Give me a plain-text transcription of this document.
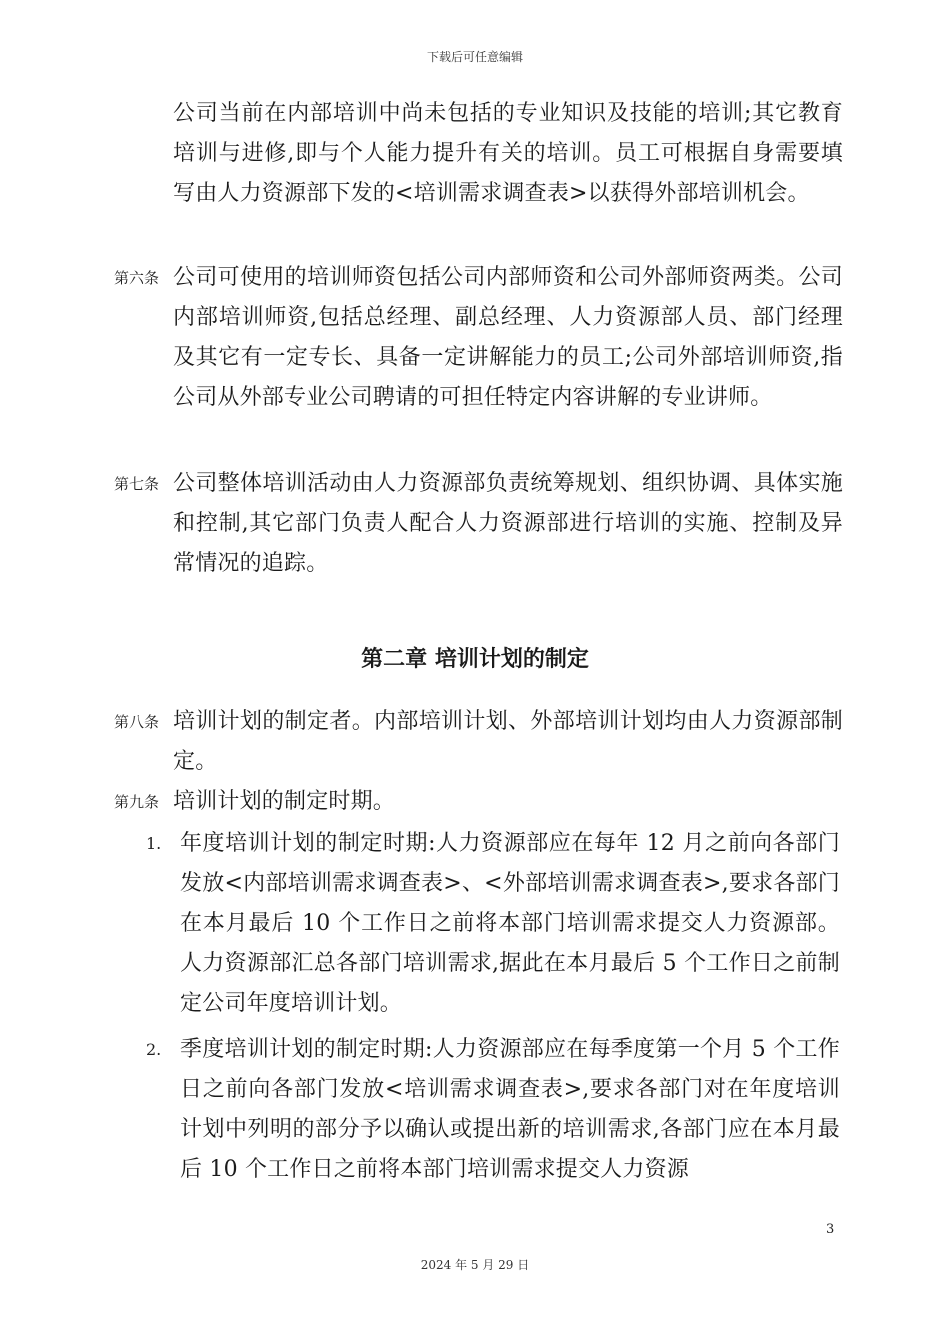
下载后可任意编辑
公司当前在内部培训中尚未包括的专业知识及技能的培训;其它教育培训与进修,即与个人能力提升有关的培训。员工可根据自身需要填写由人力资源部下发的<培训需求调查表>以获得外部培训机会。
第六条 公司可使用的培训师资包括公司内部师资和公司外部师资两类。公司内部培训师资,包括总经理、副总经理、人力资源部人员、部门经理及其它有一定专长、具备一定讲解能力的员工;公司外部培训师资,指公司从外部专业公司聘请的可担任特定内容讲解的专业讲师。
第七条 公司整体培训活动由人力资源部负责统筹规划、组织协调、具体实施和控制,其它部门负责人配合人力资源部进行培训的实施、控制及异常情况的追踪。
第二章 培训计划的制定
第八条 培训计划的制定者。内部培训计划、外部培训计划均由人力资源部制定。
第九条 培训计划的制定时期。
1. 年度培训计划的制定时期:人力资源部应在每年 12 月之前向各部门发放<内部培训需求调查表>、<外部培训需求调查表>,要求各部门在本月最后 10 个工作日之前将本部门培训需求提交人力资源部。人力资源部汇总各部门培训需求,据此在本月最后 5 个工作日之前制定公司年度培训计划。
2. 季度培训计划的制定时期:人力资源部应在每季度第一个月 5 个工作日之前向各部门发放<培训需求调查表>,要求各部门对在年度培训计划中列明的部分予以确认或提出新的培训需求,各部门应在本月最后 10 个工作日之前将本部门培训需求提交人力资源
3
2024 年 5 月 29 日
